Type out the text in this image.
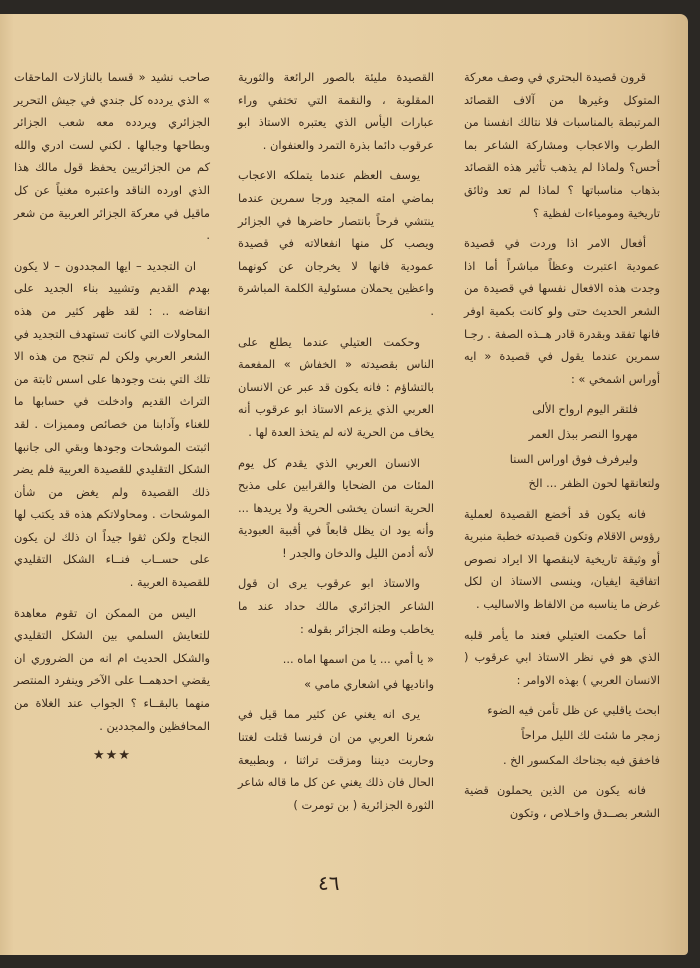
قرون قصيدة البحتري في وصف معركة المتوكل وغيرها من آلاف القصائد المرتبطة بالمناسبات فلا نتالك انفسنا من الطرب والاعجاب ومشاركة الشاعر بما أحس؟ ولماذا لم يذهب تأثير هذه القصائد بذهاب مناسباتها ؟ لماذا لم تعد وثائق تاريخية ومومياءات لفظية ؟

أفعال الامر اذا وردت في قصيدة عمودية اعتبرت وعظاً مباشراً أما اذا وجدت هذه الافعال نفسها في قصيدة من الشعر الحديث حتى ولو كانت بكمية اوفر فانها تفقد وبقدرة قادر هــذه الصفة . رجـا سمرين عندما يقول في قصيدة « ايه أوراس اشمخي » :

فلتقر اليوم ارواح الألى

مهروا النصر ببذل العمر

وليرفرف فوق اوراس السنا

ولتعانقها لحون الظفر ... الخ

فانه يكون قد أخضع القصيدة لعملية رؤوس الاقلام وتكون قصيدته خطبة منبرية أو وثيقة تاريخية لاينقصها الا ايراد نصوص اتفاقية ايفيان، وينسى الاستاذ ان لكل غرض ما يناسبه من الالفاظ والاساليب .

أما حكمت العتيلي فعند ما يأمر قلبه الذي هو في نظر الاستاذ ابي عرقوب ( الانسان العربي ) بهذه الاوامر :

ابحث ياقلبي عن ظل تأمن فيه الضوء

زمجر ما شئت لك الليل مراحاً

فاخفق فيه بجناحك المكسور الخ .

فانه يكون من الذين يحملون قضية الشعر بصــدق واخـلاص ، وتكون

القصيدة مليئة بالصور الرائعة والثورية المقلوبة ، والنقمة التي تختفي وراء عبارات اليأس الذي يعتبره الاستاذ ابو عرقوب دائما بذرة التمرد والعنفوان .

يوسف العظم عندما يتملكه الاعجاب بماضي امته المجيد ورجا سمرين عندما ينتشي فرحاً بانتصار حاضرها في الجزائر ويصب كل منها انفعالاته في قصيدة عمودية فانها لا يخرجان عن كونهما واعظين يحملان مسئولية الكلمة المباشرة .

وحكمت العتيلي عندما يطلع على الناس بقصيدته « الخفاش » المفعمة بالتشاؤم : فانه يكون قد عبر عن الانسان العربي الذي يزعم الاستاذ ابو عرقوب أنه يخاف من الحرية لانه لم يتخذ العدة لها .

الانسان العربي الذي يقدم كل يوم المئات من الضحايا والقرابين على مذبح الحرية انسان يخشى الحرية ولا يريدها ... وأنه يود ان يظل قابعاً في أقبية العبودية لأنه أدمن الليل والدخان والجدر !

والاستاذ ابو عرقوب يرى ان قول الشاعر الجزائري مالك حداد عند ما يخاطب وطنه الجزائر بقوله :

« يا أمي ... يا من اسمها اماه ...

واناديها في اشعاري مامي »

يرى انه يغني عن كثير مما قيل في شعرنا العربي من ان فرنسا قتلت لغتنا وحاربت ديننا ومزقت تراثنا ، وبطبيعة الحال فان ذلك يغني عن كل ما قاله شاعر الثورة الجزائرية ( بن تومرت )

صاحب نشيد « قسما بالنازلات الماحقات » الذي يردده كل جندي في جيش التحرير الجزائري ويردده معه شعب الجزائر وبطاحها وجبالها . لكني لست ادري والله كم من الجزائريين يحفظ قول مالك هذا الذي اورده الناقد واعتبره مغنياً عن كل ماقيل في معركة الجزائر العربية من شعر .

ان التجديد – ايها المجددون – لا يكون بهدم القديم وتشييد بناء الجديد على انقاضه .. : لقد ظهر كثير من هذه المحاولات التي كانت تستهدف التجديد في الشعر العربي ولكن لم تنجح من هذه الا تلك التي بنت وجودها على اسس ثابتة من التراث القديم وادخلت في حسابها ما للغناء وآدابنا من خصائص ومميزات . لقد اثبتت الموشحات وجودها وبقي الى جانبها الشكل التقليدي للقصيدة العربية فلم يضر ذلك القصيدة ولم يغض من شأن الموشحات . ومحاولاتكم هذه قد يكتب لها النجاح ولكن ثقوا جيداً ان ذلك لن يكون على حســاب فنــاء الشكل التقليدي للقصيدة العربية .

اليس من الممكن ان تقوم معاهدة للتعايش السلمي بين الشكل التقليدي والشكل الحديث ام انه من الضروري ان يقضي احدهمــا على الآخر وينفرد المنتصر منهما بالبقــاء ؟ الجواب عند الغلاة من المحافظين والمجددين .

★★★

٤٦
